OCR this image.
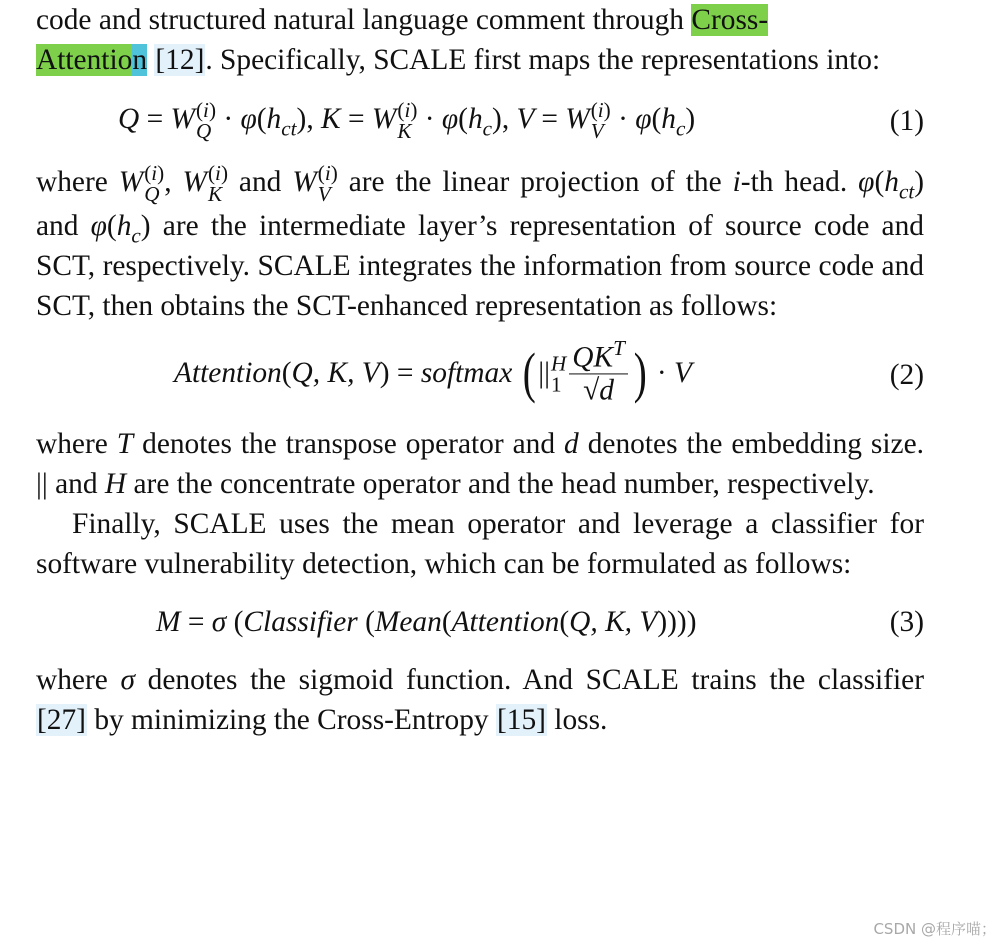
code and structured natural language comment through Cross-
Attention [12]. Specifically, SCALE first maps the representations into:

Q = W (i)
$Q \cdot \varphi(h_{ct})$, K = W (i)
$K \cdot \varphi(h_c)$, V = W (i)
$V \cdot \varphi(h_c)$	(1)

where W (i)
Q , W (i)
K and W (i)
V are the linear projection of the i-th head. $\varphi(h_{ct})$ and $\varphi(h_c)$ are the intermediate layer’s representation of source code and SCT, respectively. SCALE integrates the information from source code and SCT, then obtains the SCT-enhanced representation as follows:

Attention(Q, K, V) = softmax (|| H
$1 \frac{QK^T}{√d}$ ) · V	(2)

where T denotes the transpose operator and d denotes the embedding size. || and H are the concentrate operator and the head number, respectively.

Finally, SCALE uses the mean operator and leverage a classifier for software vulnerability detection, which can be formulated as follows:

M = σ (Classifier (Mean(Attention(Q, K, V))))	(3)

where σ denotes the sigmoid function. And SCALE trains the classifier [27] by minimizing the Cross-Entropy [15] loss.

CSDN @程序喵；
